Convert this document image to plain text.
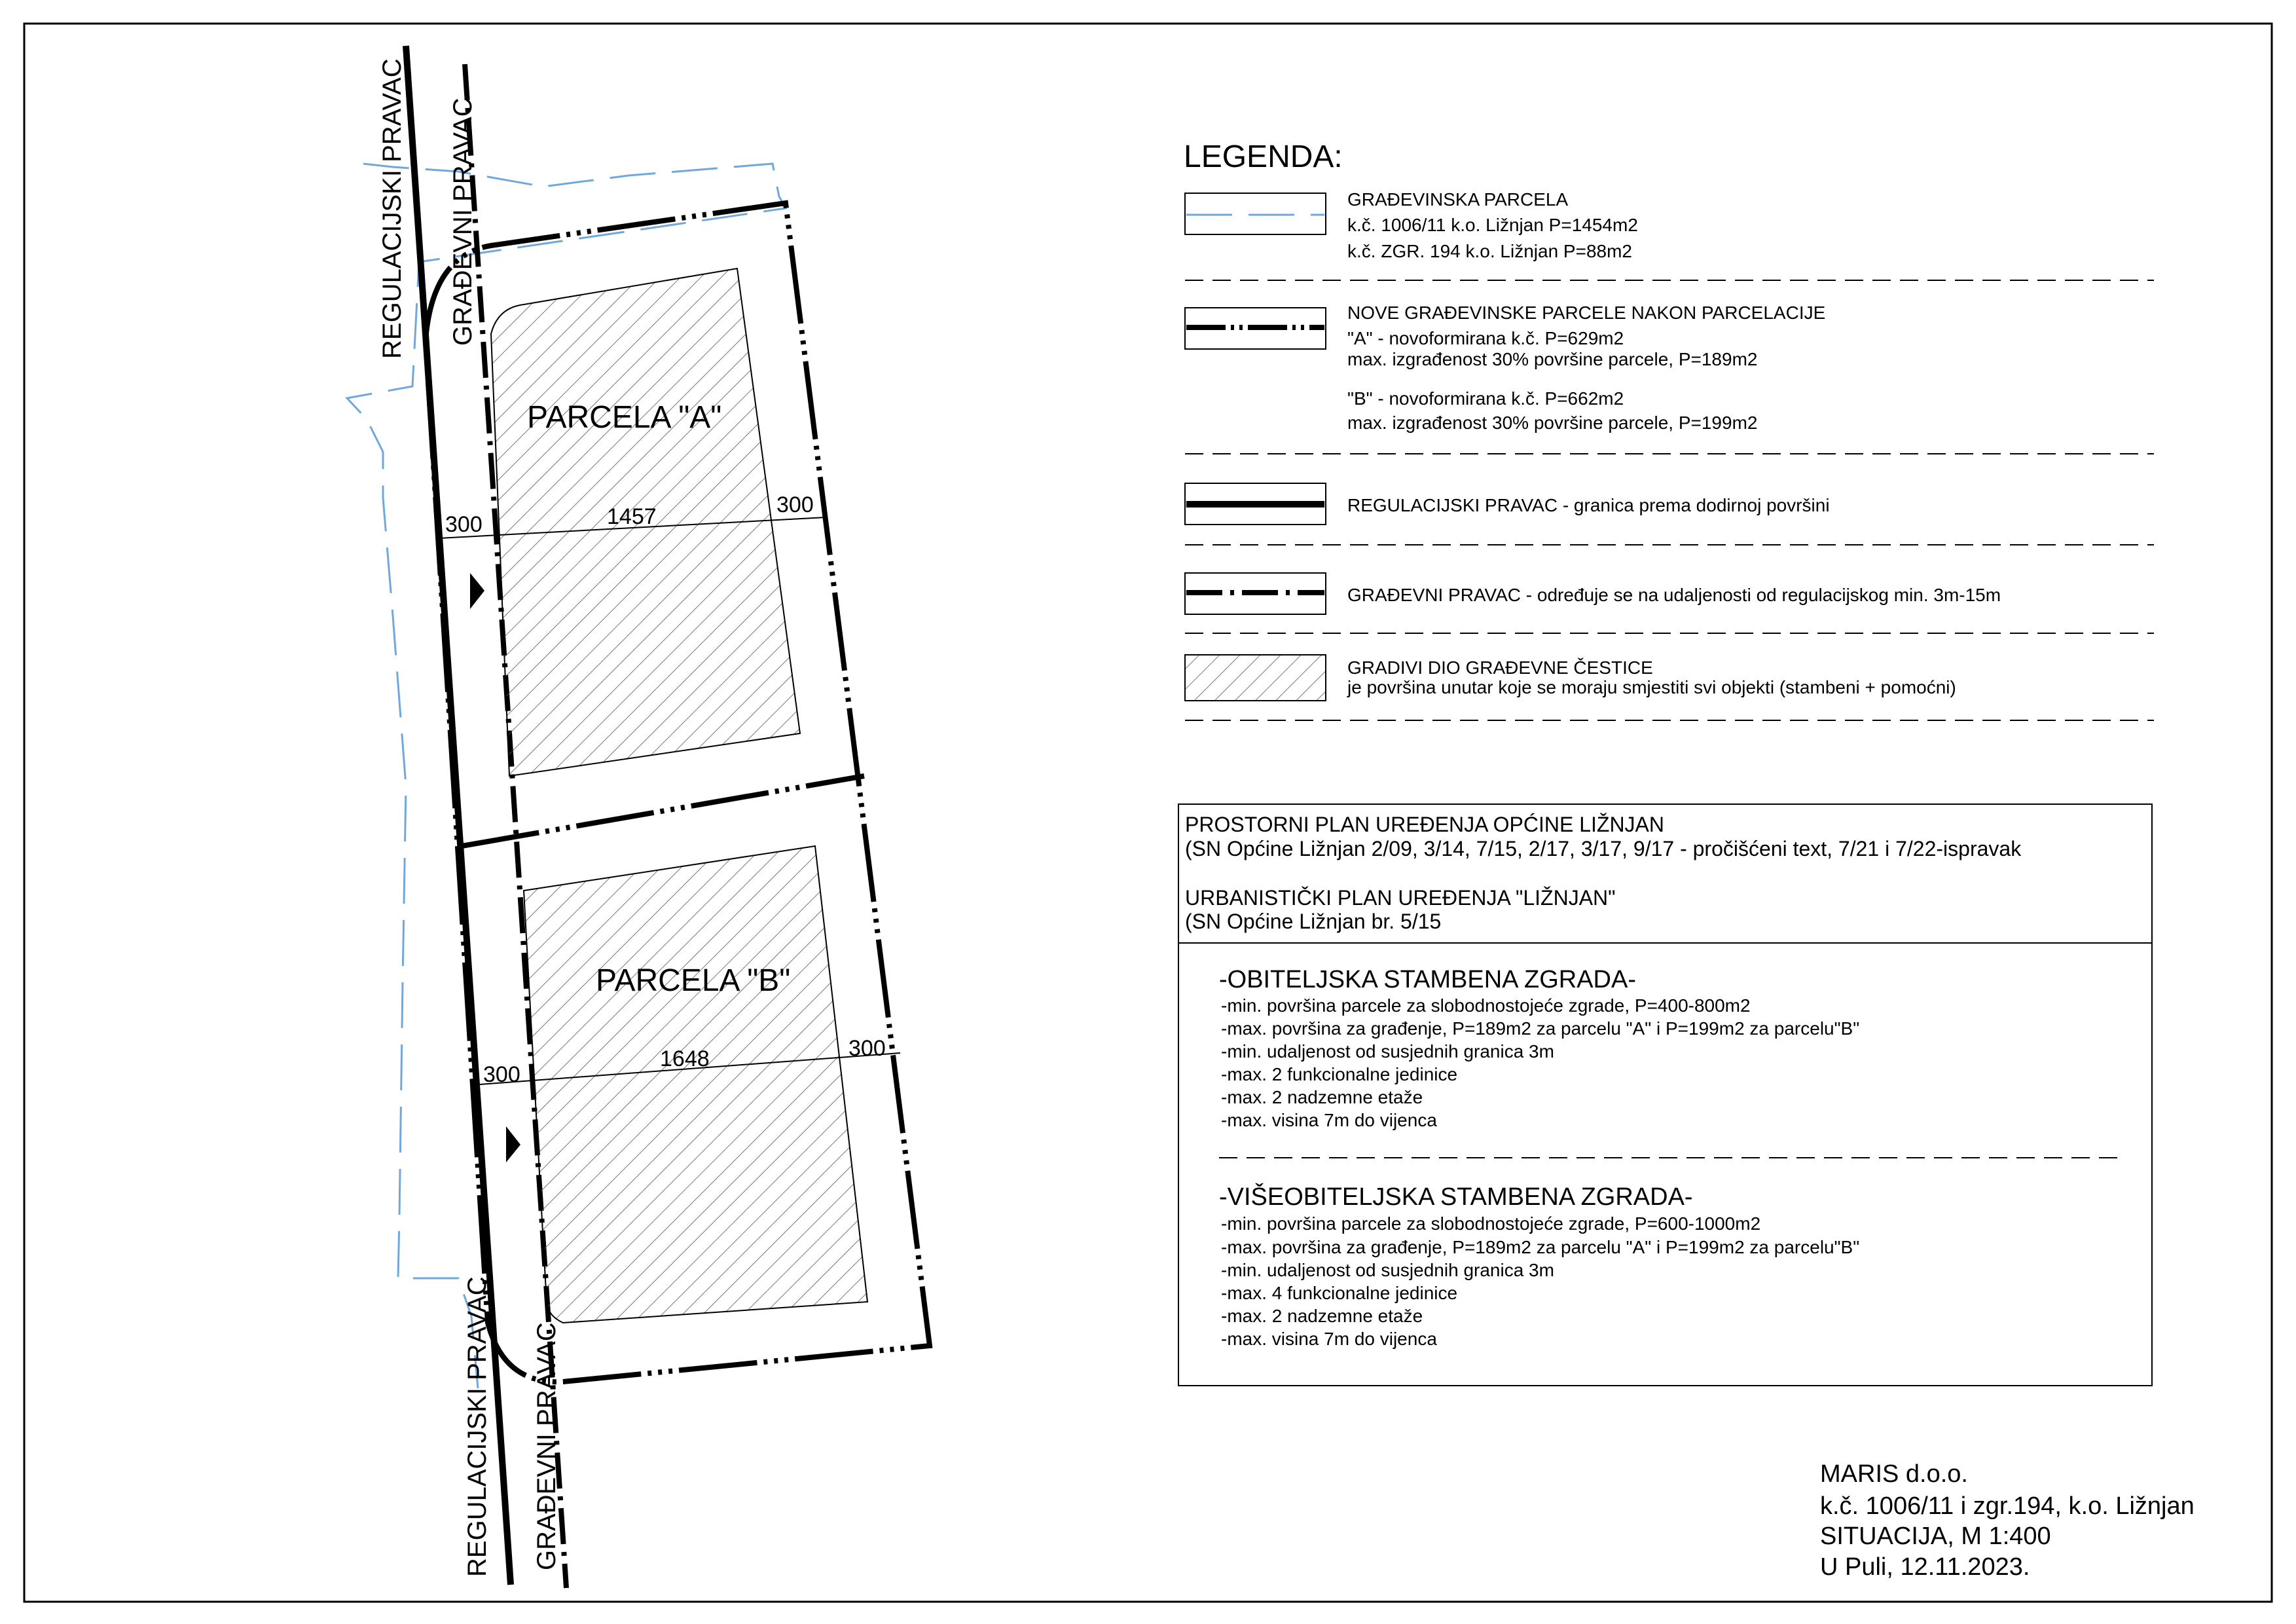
REGULACIJSKI PRAVAC GRAĐEVNI PRAVAC
REGULACIJSKI PRAVAC GRAĐEVNI PRAVAC
PARCELA "A"
PARCELA "B"
300	1457	300
300
1648	300
LEGENDA:
GRAĐEVINSKA PARCELA
k.č. 1006/11 k.o. Ližnjan P=1454m2
k.č. ZGR. 194 k.o. Ližnjan P=88m2
NOVE GRAĐEVINSKE PARCELE NAKON PARCELACIJE
"A" - novoformirana k.č. P=629m2
max. izgrađenost 30% površine parcele, P=189m2
"B" - novoformirana k.č. P=662m2
max. izgrađenost 30% površine parcele, P=199m2
REGULACIJSKI PRAVAC - granica prema dodirnoj površini
GRAĐEVNI PRAVAC - određuje se na udaljenosti od regulacijskog min. 3m-15m
GRADIVI DIO GRAĐEVNE ČESTICE
je površina unutar koje se moraju smjestiti svi objekti (stambeni + pomoćni)
PROSTORNI PLAN UREĐENJA OPĆINE LIŽNJAN
(SN Općine Ližnjan 2/09, 3/14, 7/15, 2/17, 3/17, 9/17 - pročišćeni text, 7/21 i 7/22-ispravak
URBANISTIČKI PLAN UREĐENJA "LIŽNJAN"
(SN Općine Ližnjan br. 5/15
-OBITELJSKA STAMBENA ZGRADA-
-min. površina parcele za slobodnostojeće zgrade, P=400-800m2
-max. površina za građenje, P=189m2 za parcelu "A" i P=199m2 za parcelu"B"
-min. udaljenost od susjednih granica 3m
-max. 2 funkcionalne jedinice
-max. 2 nadzemne etaže
-max. visina 7m do vijenca
-VIŠEOBITELJSKA STAMBENA ZGRADA-
-min. površina parcele za slobodnostojeće zgrade, P=600-1000m2
-max. površina za građenje, P=189m2 za parcelu "A" i P=199m2 za parcelu"B"
-min. udaljenost od susjednih granica 3m
-max. 4 funkcionalne jedinice
-max. 2 nadzemne etaže
-max. visina 7m do vijenca
MARIS d.o.o.
k.č. 1006/11 i zgr.194, k.o. Ližnjan
SITUACIJA, M 1:400
U Puli, 12.11.2023.
